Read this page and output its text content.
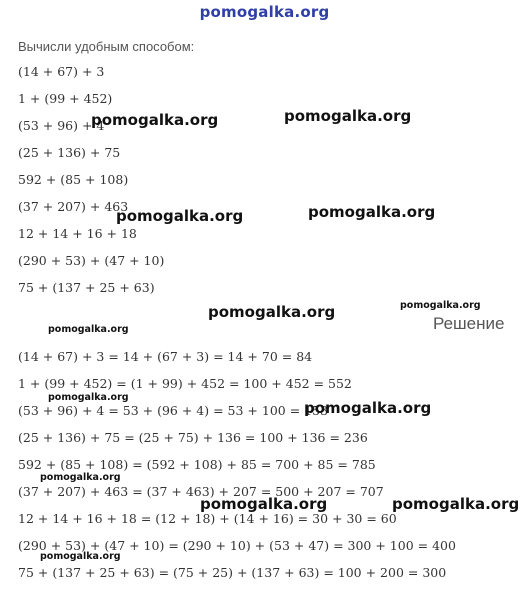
pomogalka.org
Вычисли удобным способом:
(14 + 67) + 3
1 + (99 + 452)
(53 + 96) + 4
(25 + 136) + 75
592 + (85 + 108)
(37 + 207) + 463
12 + 14 + 16 + 18
(290 + 53) + (47 + 10)
75 + (137 + 25 + 63)
Решение
(14 + 67) + 3 = 14 + (67 + 3) = 14 + 70 = 84
1 + (99 + 452) = (1 + 99) + 452 = 100 + 452 = 552
(53 + 96) + 4 = 53 + (96 + 4) = 53 + 100 = 153
(25 + 136) + 75 = (25 + 75) + 136 = 100 + 136 = 236
592 + (85 + 108) = (592 + 108) + 85 = 700 + 85 = 785
(37 + 207) + 463 = (37 + 463) + 207 = 500 + 207 = 707
12 + 14 + 16 + 18 = (12 + 18) + (14 + 16) = 30 + 30 = 60
(290 + 53) + (47 + 10) = (290 + 10) + (53 + 47) = 300 + 100 = 400
75 + (137 + 25 + 63) = (75 + 25) + (137 + 63) = 100 + 200 = 300
pomogalka.org	pomogalka.org
pomogalka.org	pomogalka.org
pomogalka.org	pomogalka.org
pomogalka.org
pomogalka.org
pomogalka.org
pomogalka.org
pomogalka.org	pomogalka.org
pomogalka.org
